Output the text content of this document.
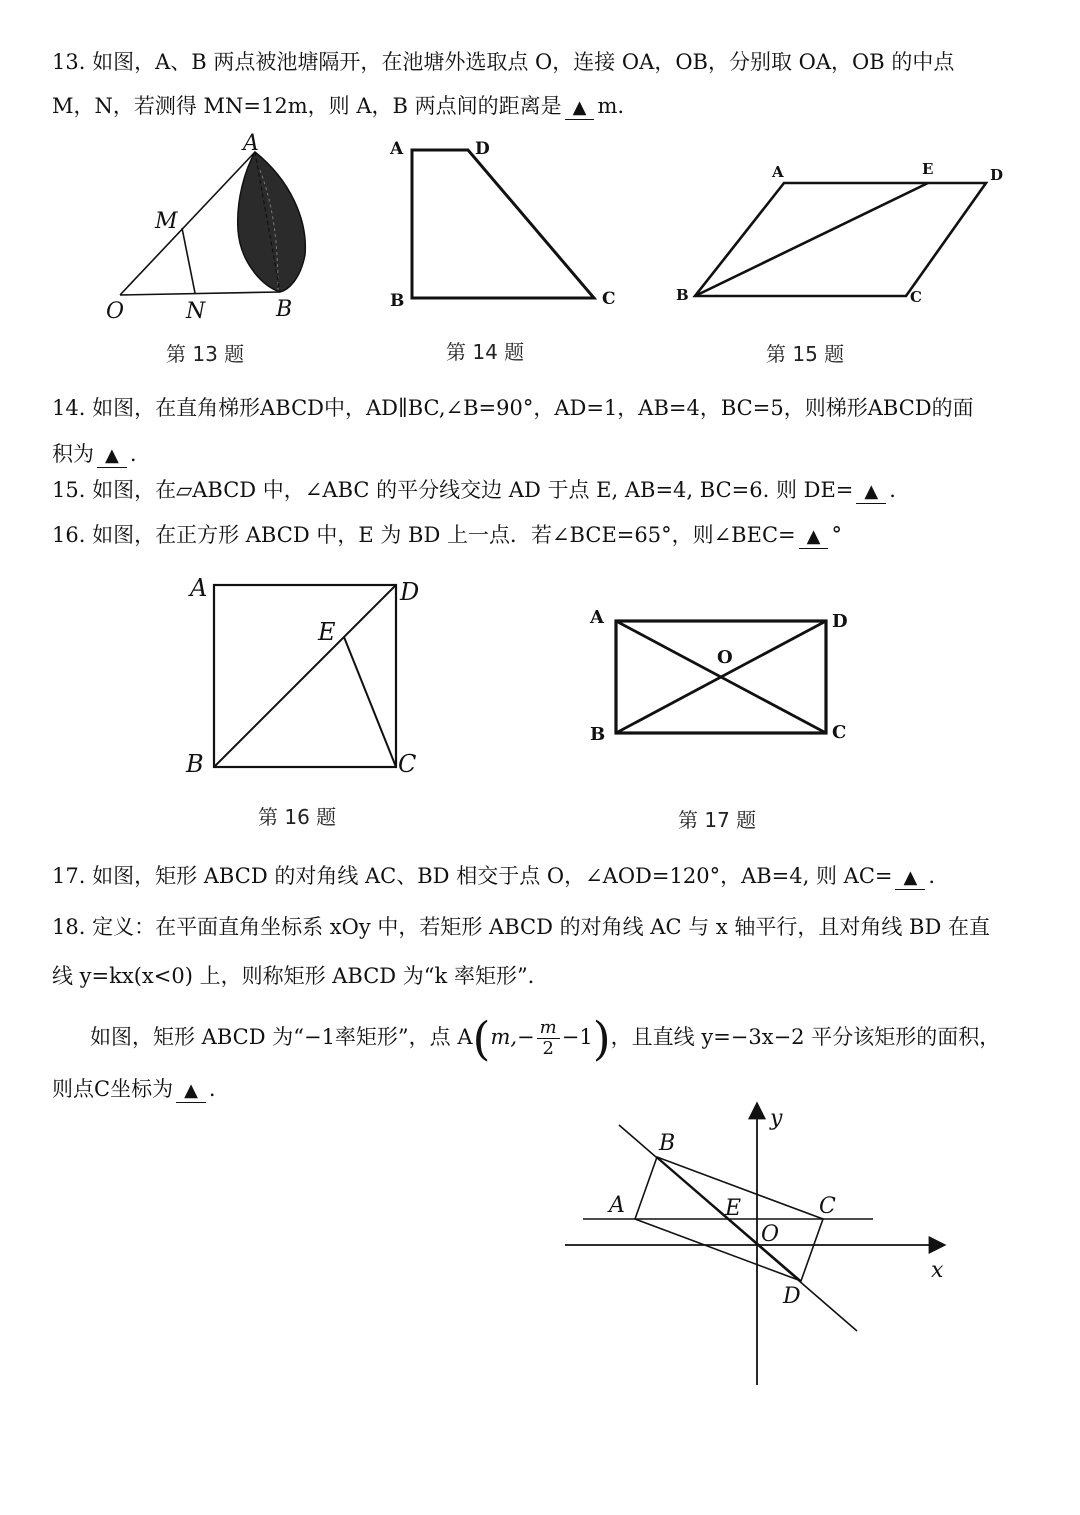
13. 如图，A、B 两点被池塘隔开，在池塘外选取点 O，连接 OA，OB，分别取 OA，OB 的中点
M，N，若测得 MN=12m，则 A，B 两点间的距离是 ▲ m.
A
M
O	N	B
第 13 题
A	D
B	C
第 14 题
A	E	D
B	C
第 15 题
14. 如图，在直角梯形ABCD中，AD∥BC,∠B=90°，AD=1，AB=4，BC=5，则梯形ABCD的面
积为 ▲ .
15. 如图，在▱ABCD 中，∠ABC 的平分线交边 AD 于点 E, AB=4, BC=6. 则 DE= ▲ .
16. 如图，在正方形 ABCD 中，E 为 BD 上一点．若∠BCE=65°，则∠BEC= ▲ °
A	D
E
B	C
第 16 题
A	D
O
B	C
第 17 题
17. 如图，矩形 ABCD 的对角线 AC、BD 相交于点 O，∠AOD=120°，AB=4, 则 AC= ▲ .
18. 定义：在平面直角坐标系 xOy 中，若矩形 ABCD 的对角线 AC 与 x 轴平行，且对角线 BD 在直
线 y=kx(x<0) 上，则称矩形 ABCD 为“k 率矩形”.
如图，矩形 ABCD 为“−1率矩形”，点 $A(m,- \frac{m}{2} -1)$，且直线 y=−3x−2 平分该矩形的面积，
则点C坐标为 ▲ .
y
x
B
A	E	C
O
D
